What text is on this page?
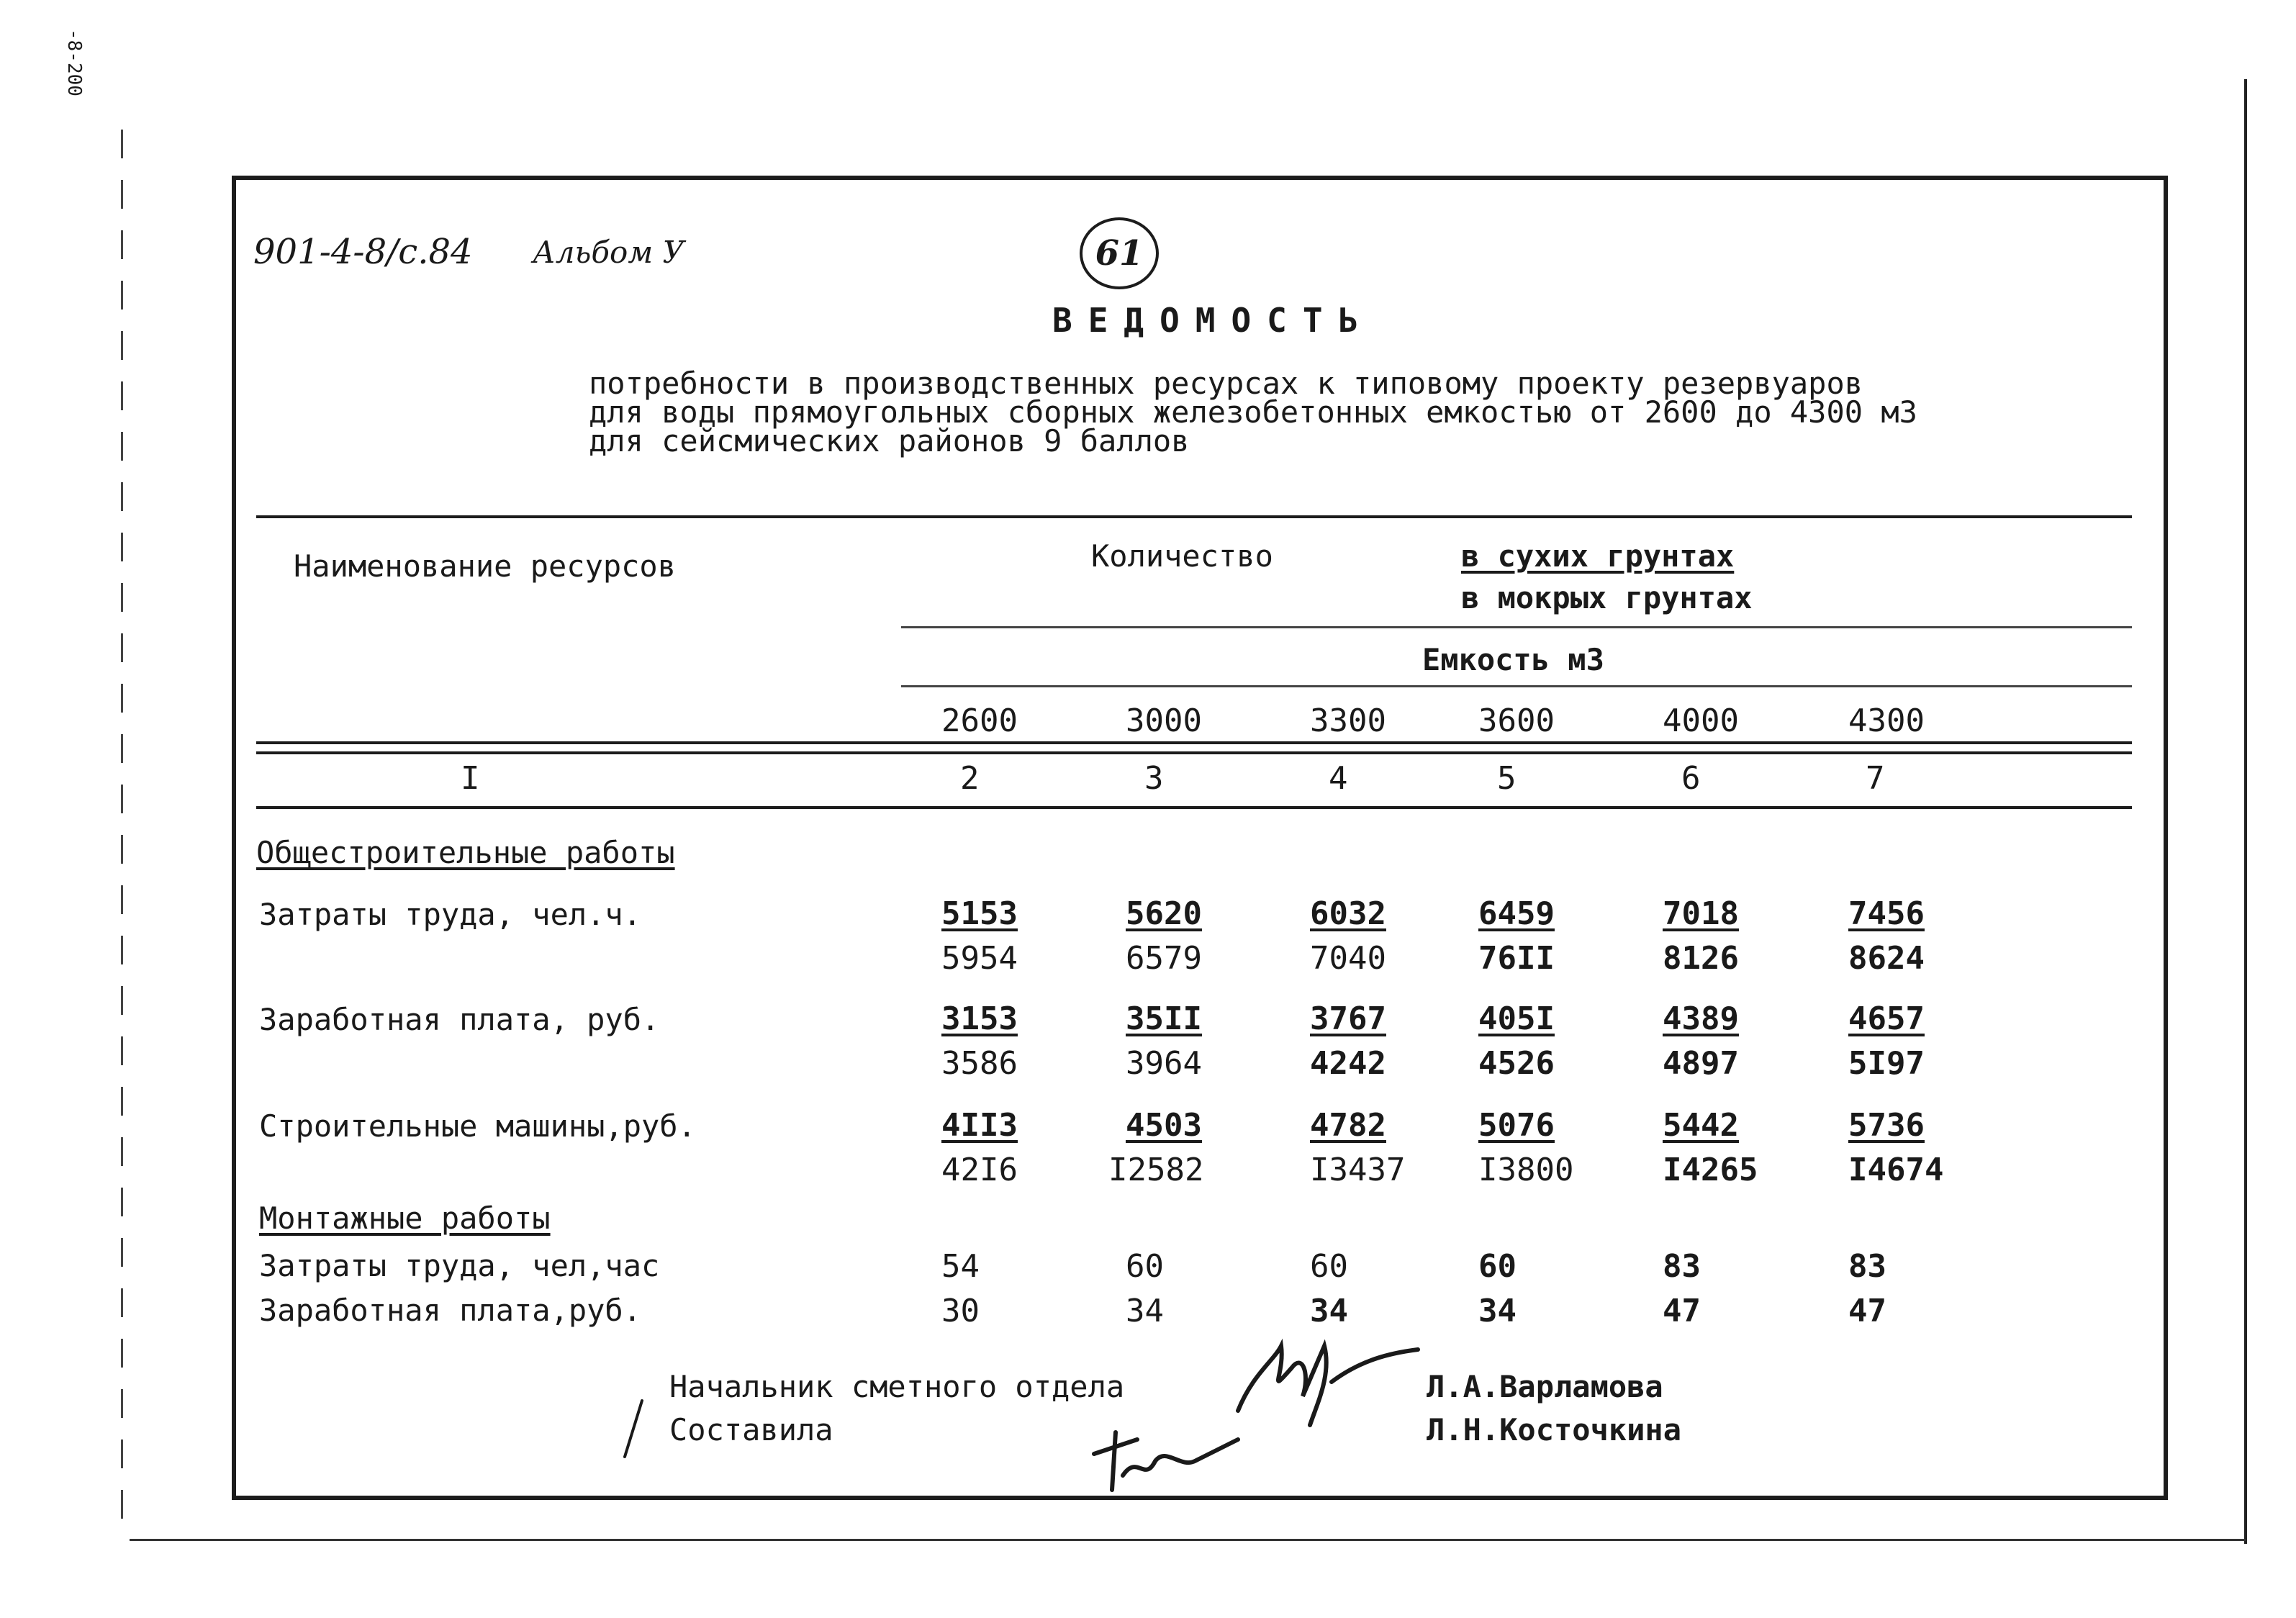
-8-200
901-4-8/c.84 Альбом У	61
ВЕДОМОСТЬ
потребности в производственных ресурсах к типовому проекту резервуаров
для воды прямоугольных сборных железобетонных емкостью от 2600 до 4300 м3
для сейсмических районов 9 баллов
Наименование ресурсов	Количество	в сухих грунтах
в мокрых грунтах
Емкость м3
2600	3000	3300	3600	4000	4300
I	2	3	4	5	6	7
Общестроительные работы
Затраты труда, чел.ч.	5153	5620	6032	6459	7018	7456
5954	6579	7040	76II	8126	8624
Заработная плата, руб.	3153	35II	3767	405I	4389	4657
3586	3964	4242	4526	4897	5I97
Строительные машины,руб.	4II3	4503	4782	5076	5442	5736
42I6	I2582	I3437	I3800	I4265	I4674
Монтажные работы
Затраты труда, чел,час	54	60	60	60	83	83
Заработная плата,руб.	30	34	34	34	47	47
Начальник сметного отдела	Л.А.Варламова
Составила	Л.Н.Косточкина
